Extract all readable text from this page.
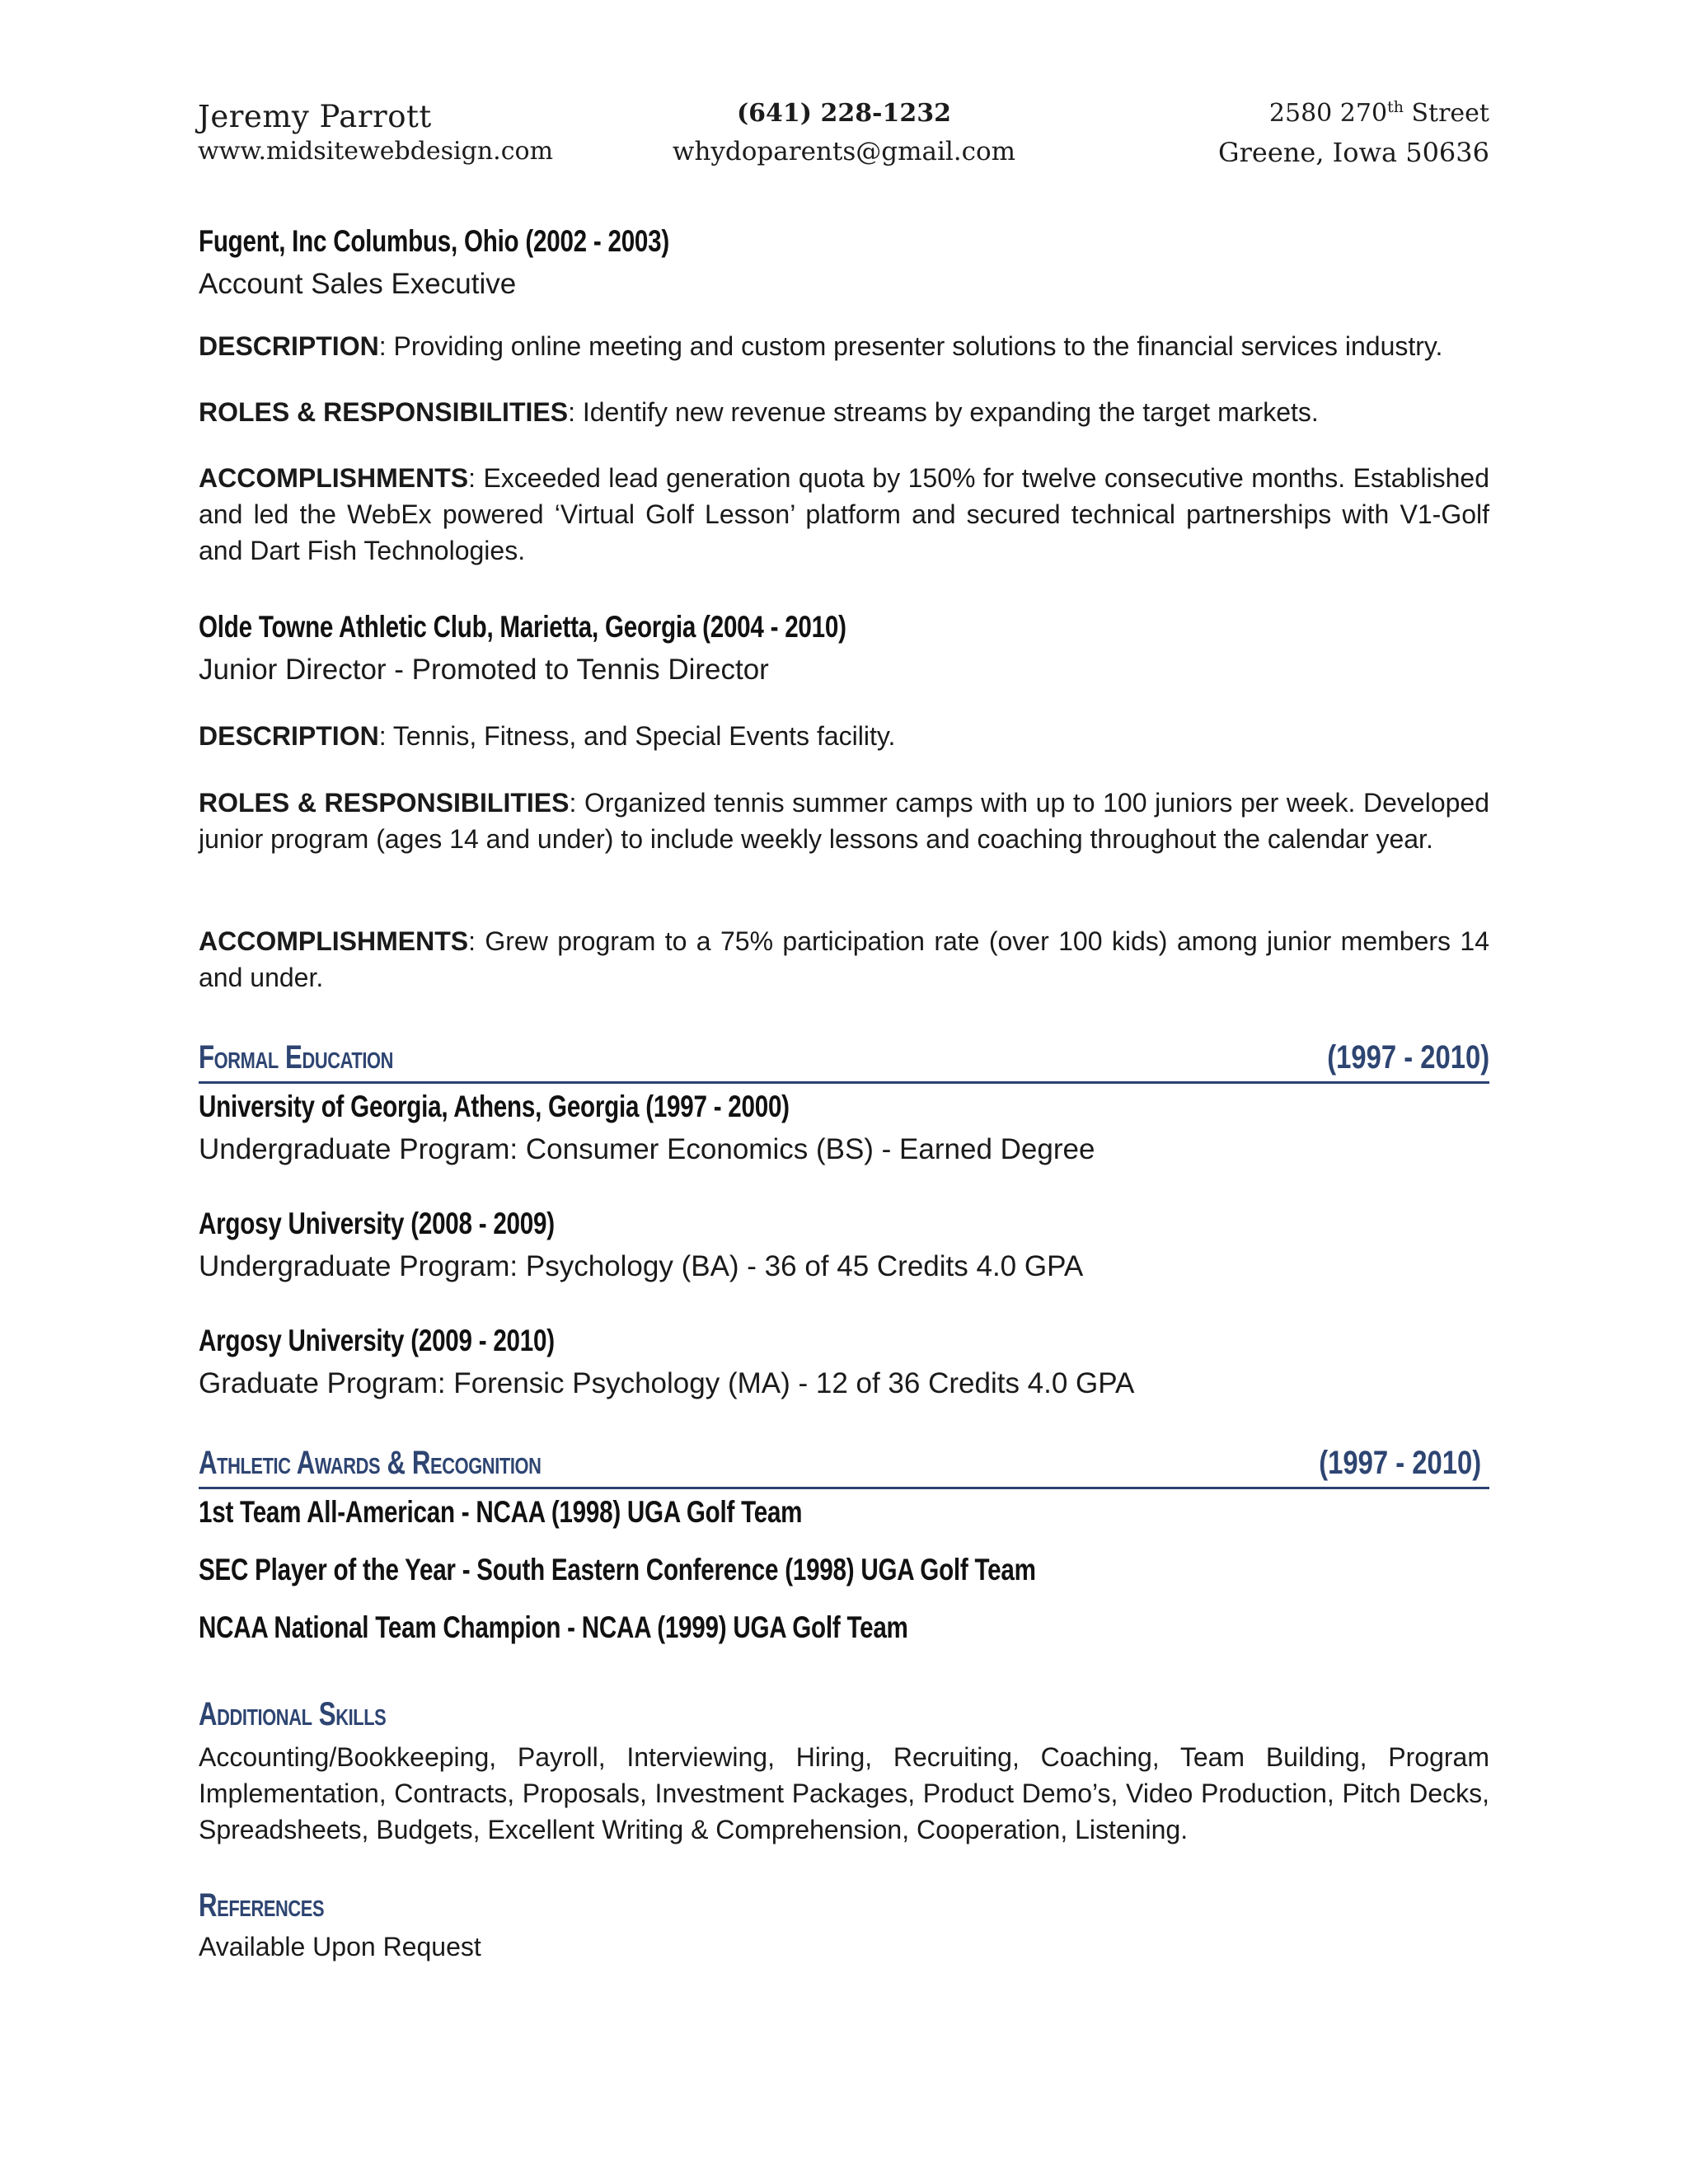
Jeremy Parrott
www.midsitewebdesign.com
(641) 228-1232
whydoparents@gmail.com
2580 270th Street
Greene, Iowa 50636
Fugent, Inc Columbus, Ohio (2002 - 2003)
Account Sales Executive
DESCRIPTION: Providing online meeting and custom presenter solutions to the financial services industry.
ROLES & RESPONSIBILITIES: Identify new revenue streams by expanding the target markets.
ACCOMPLISHMENTS: Exceeded lead generation quota by 150% for twelve consecutive months. Established and led the WebEx powered ‘Virtual Golf Lesson’ platform and secured technical partnerships with V1-Golf and Dart Fish Technologies.
Olde Towne Athletic Club, Marietta, Georgia (2004 - 2010)
Junior Director - Promoted to Tennis Director
DESCRIPTION: Tennis, Fitness, and Special Events facility.
ROLES & RESPONSIBILITIES: Organized tennis summer camps with up to 100 juniors per week. Developed junior program (ages 14 and under) to include weekly lessons and coaching throughout the calendar year.
ACCOMPLISHMENTS: Grew program to a 75% participation rate (over 100 kids) among junior members 14 and under.
Formal Education	(1997 - 2010)
University of Georgia, Athens, Georgia (1997 - 2000)
Undergraduate Program: Consumer Economics (BS) - Earned Degree
Argosy University (2008 - 2009)
Undergraduate Program: Psychology (BA) - 36 of 45 Credits 4.0 GPA
Argosy University (2009 - 2010)
Graduate Program: Forensic Psychology (MA) - 12 of 36 Credits 4.0 GPA
Athletic Awards & Recognition	(1997 - 2010)
1st Team All-American - NCAA (1998) UGA Golf Team
SEC Player of the Year - South Eastern Conference (1998) UGA Golf Team
NCAA National Team Champion - NCAA (1999) UGA Golf Team
Additional Skills
Accounting/Bookkeeping, Payroll, Interviewing, Hiring, Recruiting, Coaching, Team Building, Program Implementation, Contracts, Proposals, Investment Packages, Product Demo’s, Video Production, Pitch Decks, Spreadsheets, Budgets, Excellent Writing & Comprehension, Cooperation, Listening.
References
Available Upon Request
